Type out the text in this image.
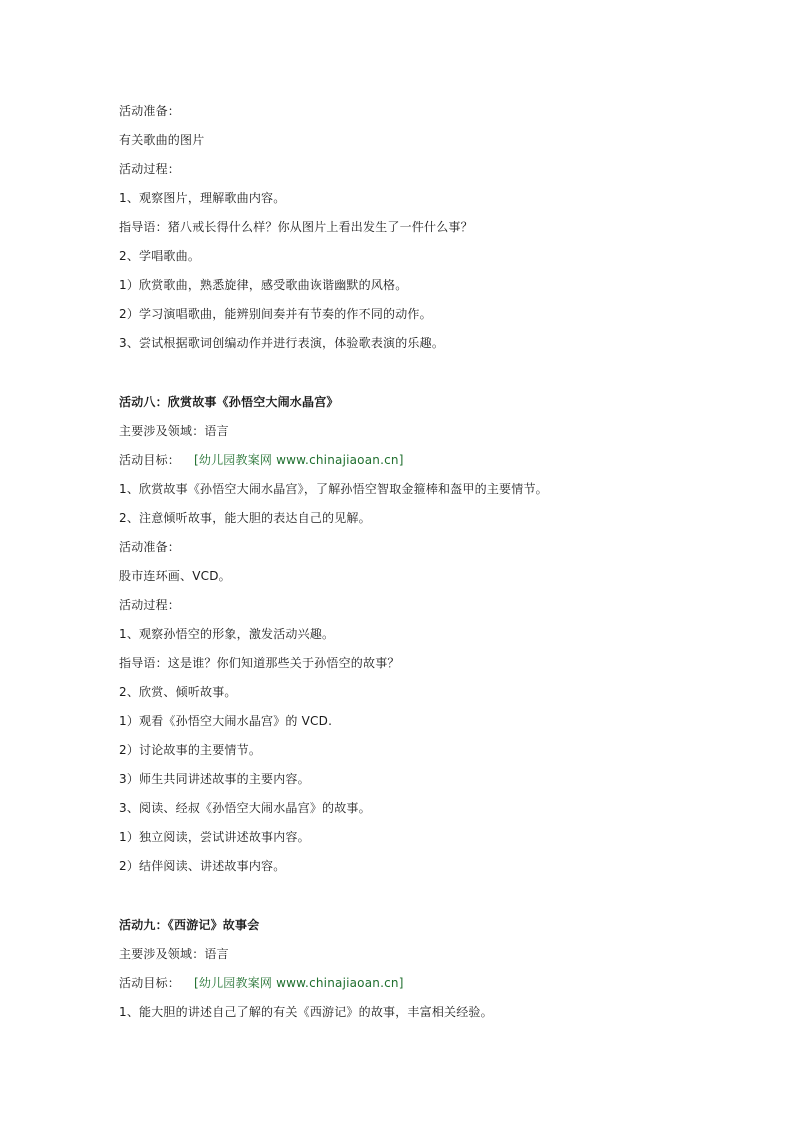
活动准备：
有关歌曲的图片
活动过程：
1、观察图片，理解歌曲内容。
指导语：猪八戒长得什么样？你从图片上看出发生了一件什么事？
2、学唱歌曲。
1）欣赏歌曲，熟悉旋律，感受歌曲诙谐幽默的风格。
2）学习演唱歌曲，能辨别间奏并有节奏的作不同的动作。
3、尝试根据歌词创编动作并进行表演，体验歌表演的乐趣。
活动八：欣赏故事《孙悟空大闹水晶宫》
主要涉及领域：语言
活动目标： [幼儿园教案网 www.chinajiaoan.cn]
1、欣赏故事《孙悟空大闹水晶宫》，了解孙悟空智取金箍棒和盔甲的主要情节。
2、注意倾听故事，能大胆的表达自己的见解。
活动准备：
股市连环画、VCD。
活动过程：
1、观察孙悟空的形象，激发活动兴趣。
指导语：这是谁？你们知道那些关于孙悟空的故事？
2、欣赏、倾听故事。
1）观看《孙悟空大闹水晶宫》的 VCD.
2）讨论故事的主要情节。
3）师生共同讲述故事的主要内容。
3、阅读、经叔《孙悟空大闹水晶宫》的故事。
1）独立阅读，尝试讲述故事内容。
2）结伴阅读、讲述故事内容。
活动九：《西游记》故事会
主要涉及领域：语言
活动目标： [幼儿园教案网 www.chinajiaoan.cn]
1、能大胆的讲述自己了解的有关《西游记》的故事，丰富相关经验。
